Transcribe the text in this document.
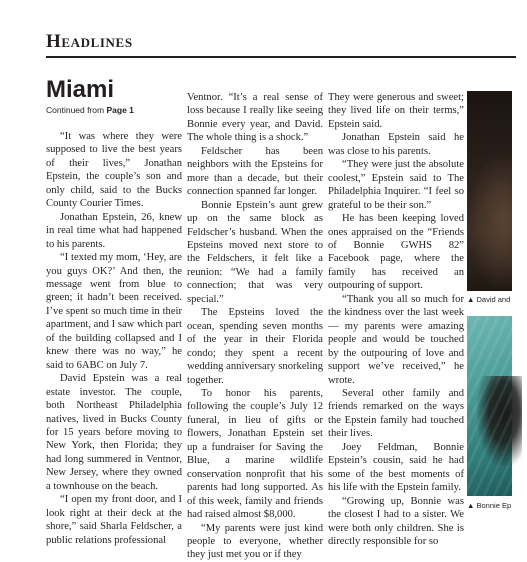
Headlines
Miami
Continued from Page 1

“It was where they were supposed to live the best years of their lives,” Jonathan Epstein, the couple’s son and only child, said to the Bucks County Courier Times.

Jonathan Epstein, 26, knew in real time what had happened to his parents.

“I texted my mom, ‘Hey, are you guys OK?’ And then, the message went from blue to green; it hadn’t been received. I’ve spent so much time in their apartment, and I saw which part of the building collapsed and I knew there was no way,” he said to 6ABC on July 7.

David Epstein was a real estate investor. The couple, both Northeast Philadelphia natives, lived in Bucks County for 15 years before moving to New York, then Florida; they had long summered in Ventnor, New Jersey, where they owned a townhouse on the beach.

“I open my front door, and I look right at their deck at the shore,” said Sharla Feldscher, a public relations professional

Ventnor. “It’s a real sense of loss because I really like seeing Bonnie every year, and David. The whole thing is a shock.”

Feldscher has been neighbors with the Epsteins for more than a decade, but their connection spanned far longer.

Bonnie Epstein’s aunt grew up on the same block as Feldscher’s husband. When the Epsteins moved next store to the Feldschers, it felt like a reunion: “We had a family connection; that was very special.”

The Epsteins loved the ocean, spending seven months of the year in their Florida condo; they spent a recent wedding anniversary snorkeling together.

To honor his parents, following the couple’s July 12 funeral, in lieu of gifts or flowers, Jonathan Epstein set up a fundraiser for Saving the Blue, a marine wildlife conservation nonprofit that his parents had long supported. As of this week, family and friends had raised almost $8,000.

“My parents were just kind people to everyone, whether they just met you or if they

They were generous and sweet; they lived life on their terms,” Epstein said.

Jonathan Epstein said he was close to his parents.

“They were just the absolute coolest,” Epstein said to The Philadelphia Inquirer. “I feel so grateful to be their son.”

He has been keeping loved ones appraised on the “Friends of Bonnie GWHS 82” Facebook page, where the family has received an outpouring of support.

“Thank you all so much for the kindness over the last week — my parents were amazing people and would be touched by the outpouring of love and support we’ve received,” he wrote.

Several other family and friends remarked on the ways the Epstein family had touched their lives.

Joey Feldman, Bonnie Epstein’s cousin, said he had some of the best moments of his life with the Epstein family.

“Growing up, Bonnie was the closest I had to a sister. We were both only children. She is directly responsible for so

▲ David and
▲ Bonnie Ep
